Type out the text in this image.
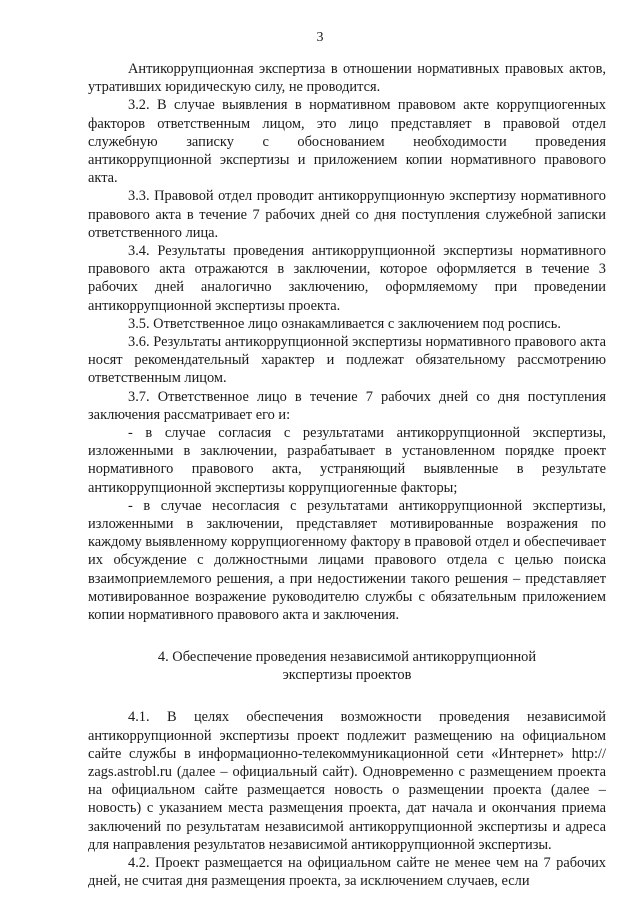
3

Антикоррупционная экспертиза в отношении нормативных правовых актов, утративших юридическую силу, не проводится.

3.2. В случае выявления в нормативном правовом акте коррупциогенных факторов ответственным лицом, это лицо представляет в правовой отдел служебную записку с обоснованием необходимости проведения антикоррупционной экспертизы и приложением копии нормативного правового акта.

3.3. Правовой отдел проводит антикоррупционную экспертизу нормативного правового акта в течение 7 рабочих дней со дня поступления служебной записки ответственного лица.

3.4. Результаты проведения антикоррупционной экспертизы нормативного правового акта отражаются в заключении, которое оформляется в течение 3 рабочих дней аналогично заключению, оформляемому при проведении антикоррупционной экспертизы проекта.

3.5. Ответственное лицо ознакамливается с заключением под роспись.

3.6. Результаты антикоррупционной экспертизы нормативного правового акта носят рекомендательный характер и подлежат обязательному рассмотрению ответственным лицом.

3.7. Ответственное лицо в течение 7 рабочих дней со дня поступления заключения рассматривает его и:

- в случае согласия с результатами антикоррупционной экспертизы, изложенными в заключении, разрабатывает в установленном порядке проект нормативного правового акта, устраняющий выявленные в результате антикоррупционной экспертизы коррупциогенные факторы;

- в случае несогласия с результатами антикоррупционной экспертизы, изложенными в заключении, представляет мотивированные возражения по каждому выявленному коррупциогенному фактору в правовой отдел и обеспечивает их обсуждение с должностными лицами правового отдела с целью поиска взаимоприемлемого решения, а при недостижении такого решения – представляет мотивированное возражение руководителю службы с обязательным приложением копии нормативного правового акта и заключения.

4. Обеспечение проведения независимой антикоррупционной
экспертизы проектов

4.1. В целях обеспечения возможности проведения независимой антикоррупционной экспертизы проект подлежит размещению на официальном сайте службы в информационно-телекоммуникационной сети «Интернет» http:// zags.astrobl.ru (далее – официальный сайт). Одновременно с размещением проекта на официальном сайте размещается новость о размещении проекта (далее – новость) с указанием места размещения проекта, дат начала и окончания приема заключений по результатам независимой антикоррупционной экспертизы и адреса для направления результатов независимой антикоррупционной экспертизы.

4.2. Проект размещается на официальном сайте не менее чем на 7 рабочих дней, не считая дня размещения проекта, за исключением случаев, если
